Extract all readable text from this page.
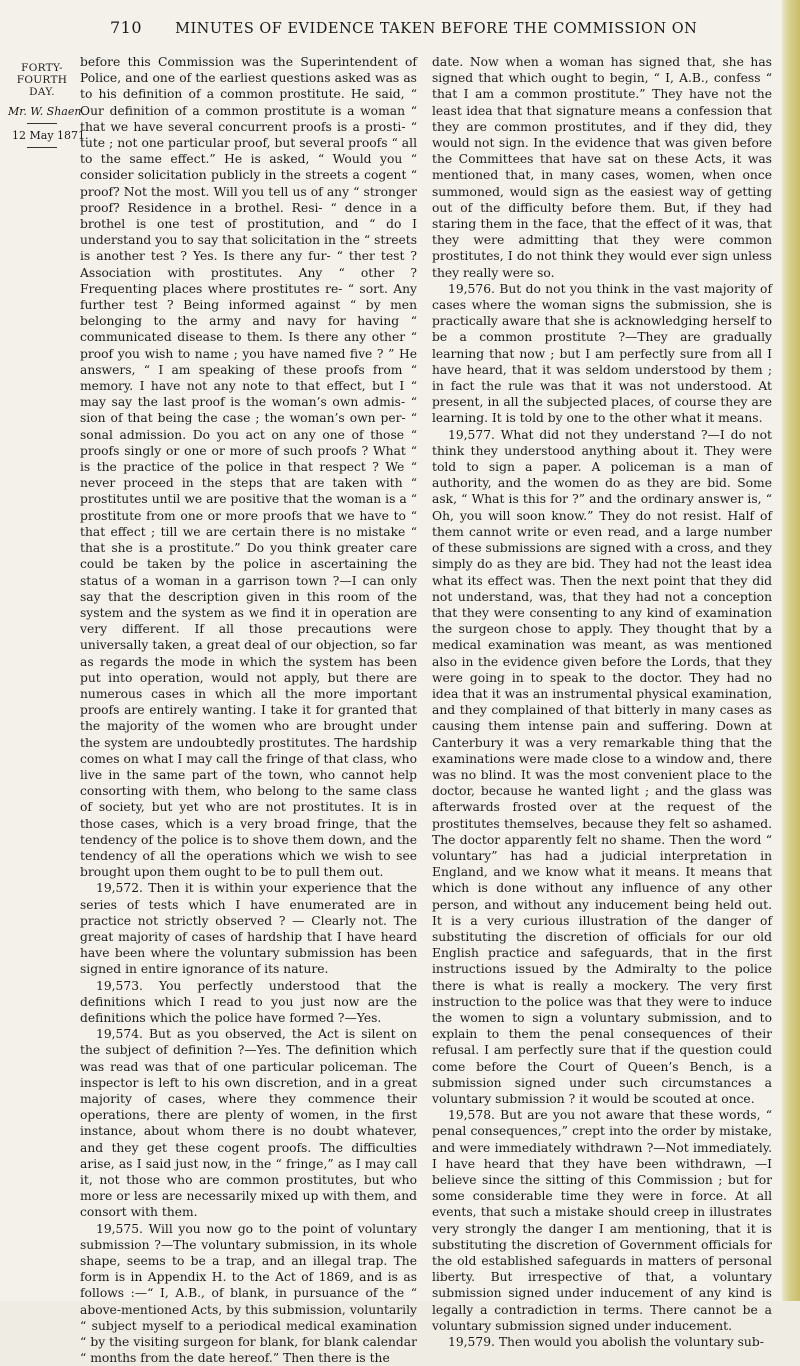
710 MINUTES OF EVIDENCE TAKEN BEFORE THE COMMISSION ON
FORTY-FOURTH DAY.
Mr. W. Shaen.
12 May 1871.

before this Commission was the Superintendent of Police, and one of the earliest questions asked was as to his definition of a common prostitute. He said, “ Our definition of a common prostitute is a woman “ that we have several concurrent proofs is a prosti- “ tute ; not one particular proof, but several proofs “ all to the same effect.” He is asked, “ Would you “ consider solicitation publicly in the streets a cogent “ proof? Not the most. Will you tell us of any “ stronger proof? Residence in a brothel. Resi- “ dence in a brothel is one test of prostitution, and “ do I understand you to say that solicitation in the “ streets is another test ? Yes. Is there any fur- “ ther test ? Association with prostitutes. Any “ other ? Frequenting places where prostitutes re- “ sort. Any further test ? Being informed against “ by men belonging to the army and navy for having “ communicated disease to them. Is there any other “ proof you wish to name ; you have named five ? ” He answers, “ I am speaking of these proofs from “ memory. I have not any note to that effect, but I “ may say the last proof is the woman’s own admis- “ sion of that being the case ; the woman’s own per- “ sonal admission. Do you act on any one of those “ proofs singly or one or more of such proofs ? What “ is the practice of the police in that respect ? We “ never proceed in the steps that are taken with “ prostitutes until we are positive that the woman is a “ prostitute from one or more proofs that we have to “ that effect ; till we are certain there is no mistake “ that she is a prostitute.” Do you think greater care could be taken by the police in ascertaining the status of a woman in a garrison town ?—I can only say that the description given in this room of the system and the system as we find it in operation are very different. If all those precautions were universally taken, a great deal of our objection, so far as regards the mode in which the system has been put into operation, would not apply, but there are numerous cases in which all the more important proofs are entirely wanting. I take it for granted that the majority of the women who are brought under the system are undoubtedly prostitutes. The hardship comes on what I may call the fringe of that class, who live in the same part of the town, who cannot help consorting with them, who belong to the same class of society, but yet who are not prostitutes. It is in those cases, which is a very broad fringe, that the tendency of the police is to shove them down, and the tendency of all the operations which we wish to see brought upon them ought to be to pull them out.

19,572. Then it is within your experience that the series of tests which I have enumerated are in practice not strictly observed ? — Clearly not. The great majority of cases of hardship that I have heard have been where the voluntary submission has been signed in entire ignorance of its nature.

19,573. You perfectly understood that the definitions which I read to you just now are the definitions which the police have formed ?—Yes.

19,574. But as you observed, the Act is silent on the subject of definition ?—Yes. The definition which was read was that of one particular policeman. The inspector is left to his own discretion, and in a great majority of cases, where they commence their operations, there are plenty of women, in the first instance, about whom there is no doubt whatever, and they get these cogent proofs. The difficulties arise, as I said just now, in the “ fringe,” as I may call it, not those who are common prostitutes, but who more or less are necessarily mixed up with them, and consort with them.

19,575. Will you now go to the point of voluntary submission ?—The voluntary submission, in its whole shape, seems to be a trap, and an illegal trap. The form is in Appendix H. to the Act of 1869, and is as follows :—“ I, A.B., of blank, in pursuance of the “ above-mentioned Acts, by this submission, voluntarily “ subject myself to a periodical medical examination “ by the visiting surgeon for blank, for blank calendar “ months from the date hereof.” Then there is the

date. Now when a woman has signed that, she has signed that which ought to begin, “ I, A.B., confess “ that I am a common prostitute.” They have not the least idea that that signature means a confession that they are common prostitutes, and if they did, they would not sign. In the evidence that was given before the Committees that have sat on these Acts, it was mentioned that, in many cases, women, when once summoned, would sign as the easiest way of getting out of the difficulty before them. But, if they had staring them in the face, that the effect of it was, that they were admitting that they were common prostitutes, I do not think they would ever sign unless they really were so.

19,576. But do not you think in the vast majority of cases where the woman signs the submission, she is practically aware that she is acknowledging herself to be a common prostitute ?—They are gradually learning that now ; but I am perfectly sure from all I have heard, that it was seldom understood by them ; in fact the rule was that it was not understood. At present, in all the subjected places, of course they are learning. It is told by one to the other what it means.

19,577. What did not they understand ?—I do not think they understood anything about it. They were told to sign a paper. A policeman is a man of authority, and the women do as they are bid. Some ask, “ What is this for ?” and the ordinary answer is, “ Oh, you will soon know.” They do not resist. Half of them cannot write or even read, and a large number of these submissions are signed with a cross, and they simply do as they are bid. They had not the least idea what its effect was. Then the next point that they did not understand, was, that they had not a conception that they were consenting to any kind of examination the surgeon chose to apply. They thought that by a medical examination was meant, as was mentioned also in the evidence given before the Lords, that they were going in to speak to the doctor. They had no idea that it was an instrumental physical examination, and they complained of that bitterly in many cases as causing them intense pain and suffering. Down at Canterbury it was a very remarkable thing that the examinations were made close to a window and, there was no blind. It was the most convenient place to the doctor, because he wanted light ; and the glass was afterwards frosted over at the request of the prostitutes themselves, because they felt so ashamed. The doctor apparently felt no shame. Then the word “ voluntary” has had a judicial interpretation in England, and we know what it means. It means that which is done without any influence of any other person, and without any inducement being held out. It is a very curious illustration of the danger of substituting the discretion of officials for our old English practice and safeguards, that in the first instructions issued by the Admiralty to the police there is what is really a mockery. The very first instruction to the police was that they were to induce the women to sign a voluntary submission, and to explain to them the penal consequences of their refusal. I am perfectly sure that if the question could come before the Court of Queen’s Bench, is a submission signed under such circumstances a voluntary submission ? it would be scouted at once.

19,578. But are you not aware that these words, “ penal consequences,” crept into the order by mistake, and were immediately withdrawn ?—Not immediately. I have heard that they have been withdrawn, —I believe since the sitting of this Commission ; but for some considerable time they were in force. At all events, that such a mistake should creep in illustrates very strongly the danger I am mentioning, that it is substituting the discretion of Government officials for the old established safeguards in matters of personal liberty. But irrespective of that, a voluntary submission signed under inducement of any kind is legally a contradiction in terms. There cannot be a voluntary submission signed under inducement.

19,579. Then would you abolish the voluntary sub-
